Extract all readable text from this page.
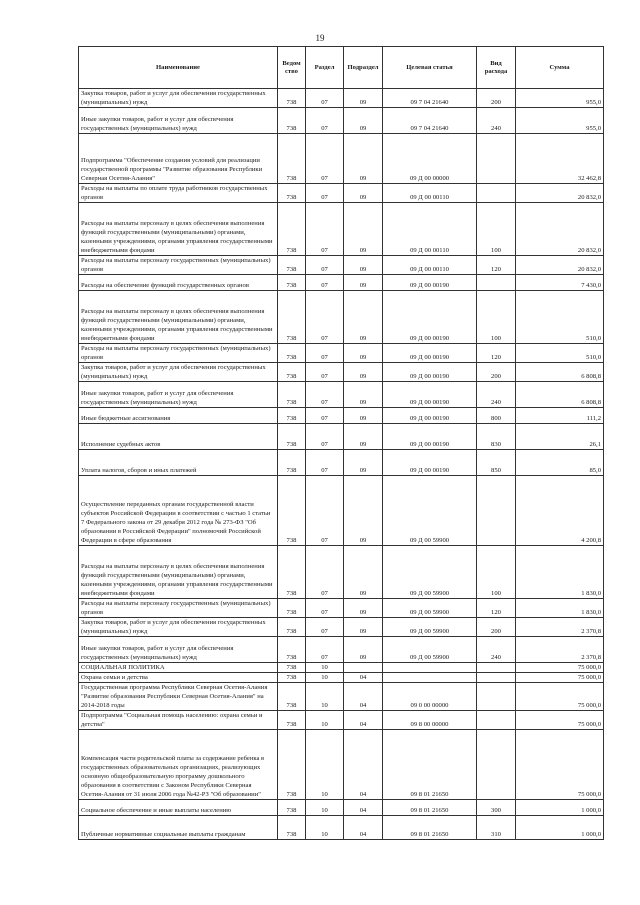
19
Наименование	Ведом ство	Раздел	Подраздел	Целевая статья	Вид расхода	Сумма
Закупка товаров, работ и услуг для обеспечения государственных (муниципальных) нужд	738	07	09	09 7 04 21640	200	955,0
Иные закупки товаров, работ и услуг для обеспечения государственных (муниципальных) нужд	738	07	09	09 7 04 21640	240	955,0
Подпрограмма "Обеспечение создания условий для реализации государственной программы "Развитие образования Республики Северная Осетия-Алания"	738	07	09	09 Д 00 00000		32 462,8
Расходы на выплаты по оплате труда работников государственных органов	738	07	09	09 Д 00 00110		20 832,0
Расходы на выплаты персоналу в целях обеспечения выполнения функций государственными (муниципальными) органами, казенными учреждениями, органами управления государственными внебюджетными фондами	738	07	09	09 Д 00 00110	100	20 832,0
Расходы на выплаты персоналу государственных (муниципальных) органов	738	07	09	09 Д 00 00110	120	20 832,0
Расходы на обеспечение функций государственных органов	738	07	09	09 Д 00 00190		7 430,0
Расходы на выплаты персоналу в целях обеспечения выполнения функций государственными (муниципальными) органами, казенными учреждениями, органами управления государственными внебюджетными фондами	738	07	09	09 Д 00 00190	100	510,0
Расходы на выплаты персоналу государственных (муниципальных) органов	738	07	09	09 Д 00 00190	120	510,0
Закупка товаров, работ и услуг для обеспечения государственных (муниципальных) нужд	738	07	09	09 Д 00 00190	200	6 808,8
Иные закупки товаров, работ и услуг для обеспечения государственных (муниципальных) нужд	738	07	09	09 Д 00 00190	240	6 808,8
Иные бюджетные ассигнования	738	07	09	09 Д 00 00190	800	111,2
Исполнение судебных актов	738	07	09	09 Д 00 00190	830	26,1
Уплата налогов, сборов и иных платежей	738	07	09	09 Д 00 00190	850	85,0
Осуществление переданных органам государственной власти субъектов Российской Федерации в соответствии с частью 1 статьи 7 Федерального закона от 29 декабря 2012 года № 273-ФЗ "Об образовании в Российской Федерации" полномочий Российской Федерации в сфере образования	738	07	09	09 Д 00 59900		4 200,8
Расходы на выплаты персоналу в целях обеспечения выполнения функций государственными (муниципальными) органами, казенными учреждениями, органами управления государственными внебюджетными фондами	738	07	09	09 Д 00 59900	100	1 830,0
Расходы на выплаты персоналу государственных (муниципальных) органов	738	07	09	09 Д 00 59900	120	1 830,0
Закупка товаров, работ и услуг для обеспечения государственных (муниципальных) нужд	738	07	09	09 Д 00 59900	200	2 370,8
Иные закупки товаров, работ и услуг для обеспечения государственных (муниципальных) нужд	738	07	09	09 Д 00 59900	240	2 370,8
СОЦИАЛЬНАЯ ПОЛИТИКА	738	10				75 000,0
Охрана семьи и детства	738	10	04			75 000,0
Государственная программа Республики Северная Осетия-Алания "Развитие образования Республики Северная Осетия-Алания" на 2014-2018 годы	738	10	04	09 0 00 00000		75 000,0
Подпрограмма "Социальная помощь населению: охрана семьи и детства"	738	10	04	09 8 00 00000		75 000,0
Компенсация части родительской платы за содержание ребенка в государственных образовательных организациях, реализующих основную общеобразовательную программу дошкольного образования в соответствии с Законом Республики Северная Осетия-Алания от 31 июля 2006 года №42-РЗ "Об образовании"	738	10	04	09 8 01 21650		75 000,0
Социальное обеспечение и иные выплаты населению	738	10	04	09 8 01 21650	300	1 000,0
Публичные нормативные социальные выплаты гражданам	738	10	04	09 8 01 21650	310	1 000,0
